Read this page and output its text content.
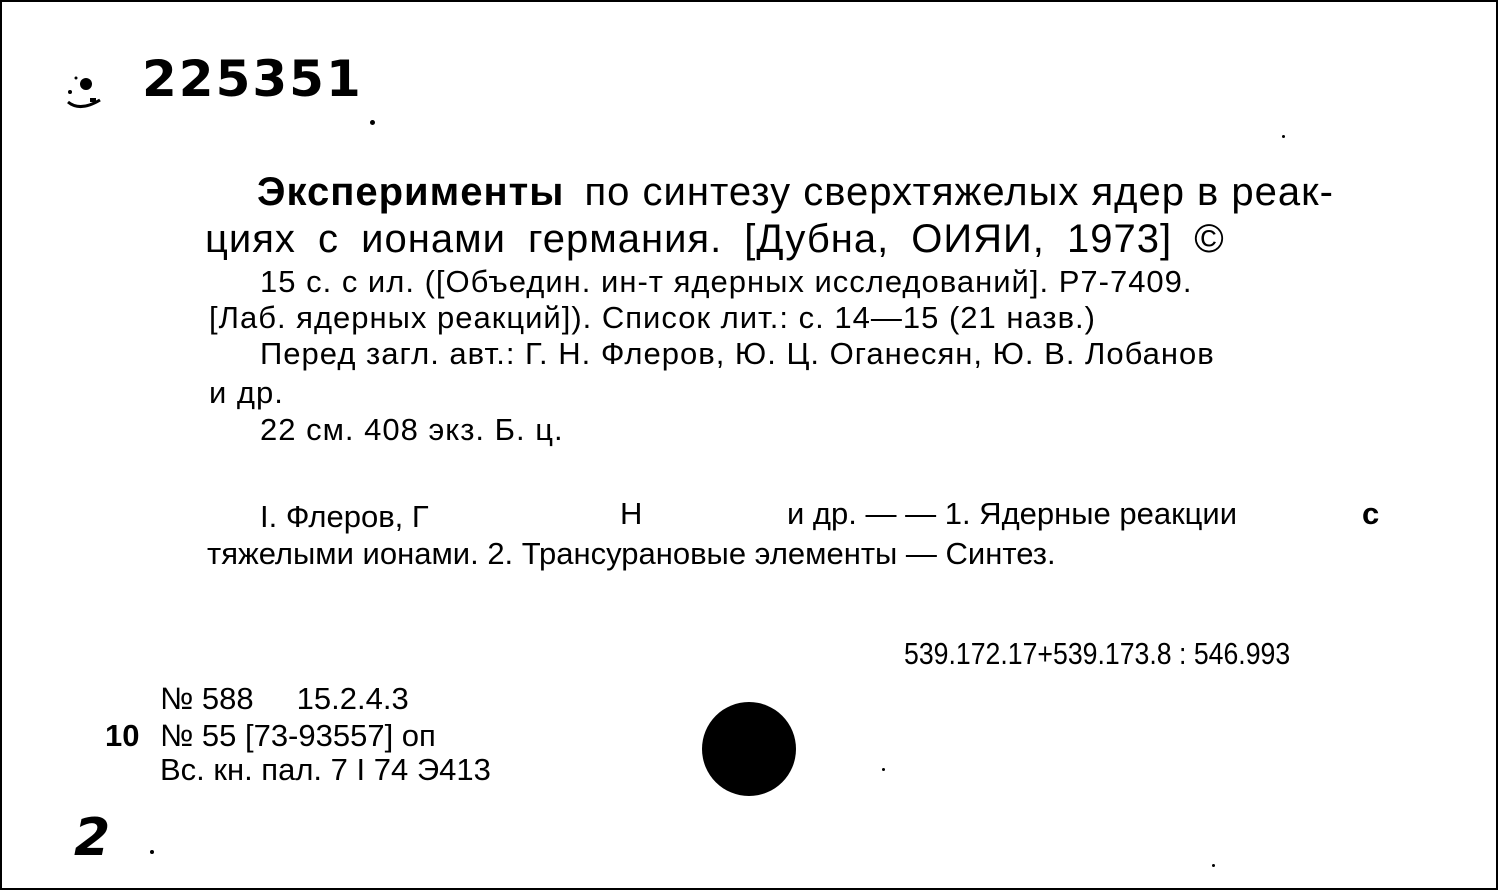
225351
Эксперименты по синтезу сверхтяжелых ядер в реак-
циях с ионами германия. [Дубна, ОИЯИ, 1973] ©
15 с. с ил. ([Объедин. ин-т ядерных исследований]. Р7-7409.
[Лаб. ядерных реакций]). Список лит.: с. 14—15 (21 назв.)
Перед загл. авт.: Г. Н. Флеров, Ю. Ц. Оганесян, Ю. В. Лобанов
и др.
22 см. 408 экз. Б. ц.
I. Флеров, Г	Н	и др. — — 1. Ядерные реакции	с
тяжелыми ионами. 2. Трансурановые элементы — Синтез.
539.172.17+539.173.8 : 546.993
№ 588     15.2.4.3
10 № 55 [73-93557] оп
Вс. кн. пал. 7 I 74 Э413
2
